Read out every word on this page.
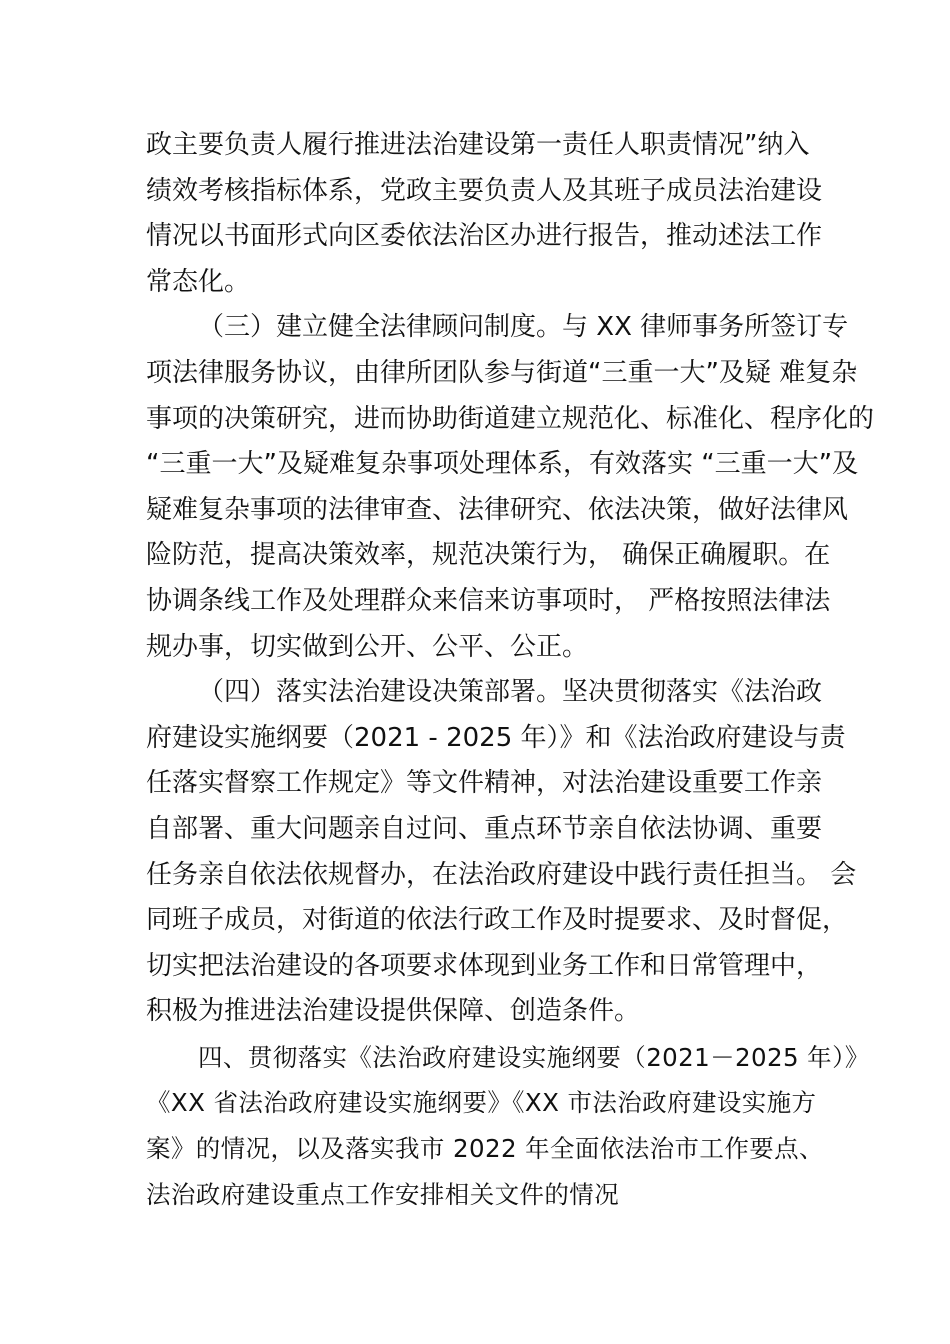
政主要负责人履行推进法治建设第一责任人职责情况”纳入
绩效考核指标体系，党政主要负责人及其班子成员法治建设
情况以书面形式向区委依法治区办进行报告，推动述法工作
常态化。
（三）建立健全法律顾问制度。与 XX 律师事务所签订专
项法律服务协议，由律所团队参与街道“三重一大”及疑 难复杂
事项的决策研究，进而协助街道建立规范化、标准化、程序化的
“三重一大”及疑难复杂事项处理体系，有效落实 “三重一大”及
疑难复杂事项的法律审查、法律研究、依法决策，做好法律风
险防范，提高决策效率，规范决策行为， 确保正确履职。在
协调条线工作及处理群众来信来访事项时， 严格按照法律法
规办事，切实做到公开、公平、公正。
（四）落实法治建设决策部署。坚决贯彻落实《法治政
府建设实施纲要（2021 - 2025 年）》和《法治政府建设与责
任落实督察工作规定》等文件精神，对法治建设重要工作亲
自部署、重大问题亲自过问、重点环节亲自依法协调、重要
任务亲自依法依规督办，在法治政府建设中践行责任担当。 会
同班子成员，对街道的依法行政工作及时提要求、及时督促，
切实把法治建设的各项要求体现到业务工作和日常管理中，
积极为推进法治建设提供保障、创造条件。
四、贯彻落实《法治政府建设实施纲要（2021－2025 年）》
《XX 省法治政府建设实施纲要》《XX 市法治政府建设实施方
案》的情况，以及落实我市 2022 年全面依法治市工作要点、
法治政府建设重点工作安排相关文件的情况
